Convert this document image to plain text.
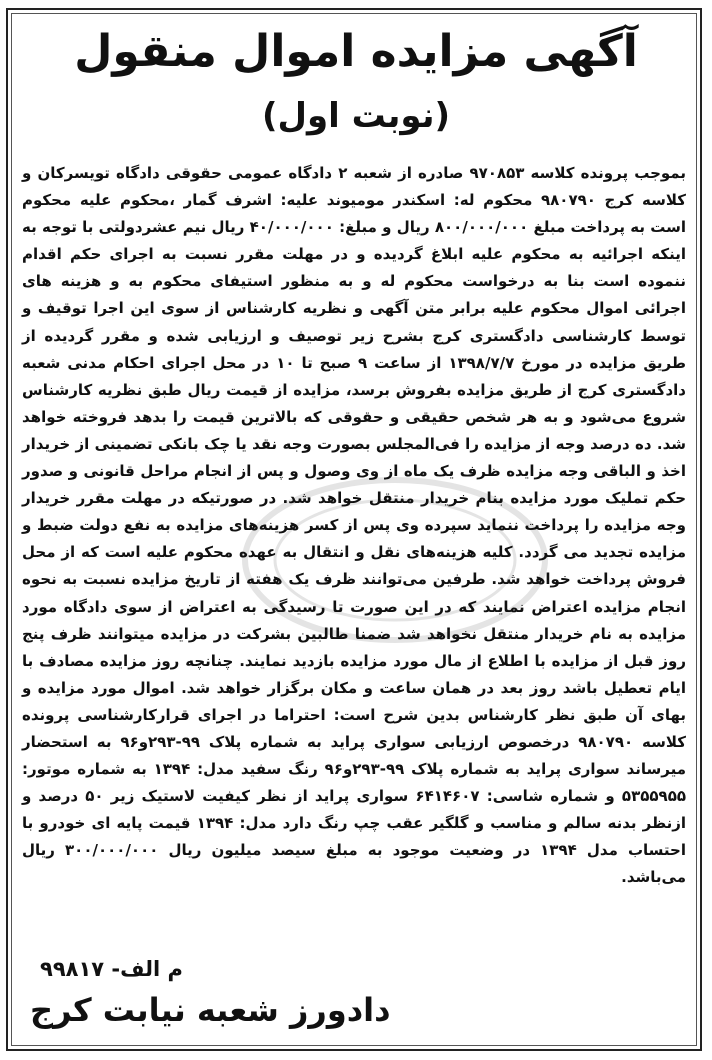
آگهی مزایده اموال منقول
(نوبت اول)
بموجب پرونده کلاسه ۹۷۰۸۵۳ صادره از شعبه ۲ دادگاه عمومی حقوقی دادگاه تویسرکان و کلاسه کرج ۹۸۰۷۹۰ محکوم له: اسکندر مومیوند علیه: اشرف گمار ،محکوم علیه محکوم است به پرداخت مبلغ ۸۰۰/۰۰۰/۰۰۰ ریال و مبلغ: ۴۰/۰۰۰/۰۰۰ ریال نیم عشردولتی با توجه به اینکه اجرائیه به محکوم علیه ابلاغ گردیده و در مهلت مقرر نسبت به اجرای حکم اقدام ننموده است بنا به درخواست محکوم له و به منظور استیفای محکوم به و هزینه های اجرائی اموال محکوم علیه برابر متن آگهی و نظریه کارشناس از سوی این اجرا توقیف و توسط کارشناسی دادگستری کرج بشرح زیر توصیف و ارزیابی شده و مقرر گردیده از طریق مزایده در مورخ ۱۳۹۸/۷/۷ از ساعت ۹ صبح تا ۱۰ در محل اجرای احکام مدنی شعبه دادگستری کرج از طریق مزایده بفروش برسد، مزایده از قیمت ریال طبق نظریه کارشناس شروع می‌شود و به هر شخص حقیقی و حقوقی که بالاترین قیمت را بدهد فروخته خواهد شد. ده درصد وجه از مزایده را فی‌المجلس بصورت وجه نقد یا چک بانکی تضمینی از خریدار اخذ و الباقی وجه مزایده ظرف یک ماه از وی وصول و پس از انجام مراحل قانونی و صدور حکم تملیک مورد مزایده بنام خریدار منتقل خواهد شد. در صورتیکه در مهلت مقرر خریدار وجه مزایده را پرداخت ننماید سپرده وی پس از کسر هزینه‌های مزایده به نفع دولت ضبط و مزایده تجدید می گردد. کلیه هزینه‌های نقل و انتقال به عهده محکوم علیه است که از محل فروش پرداخت خواهد شد. طرفین می‌توانند ظرف یک هفته از تاریخ مزایده نسبت به نحوه انجام مزایده اعتراض نمایند که در این صورت تا رسیدگی به اعتراض از سوی دادگاه مورد مزایده به نام خریدار منتقل نخواهد شد ضمنا طالبین بشرکت در مزایده میتوانند ظرف پنج روز قبل از مزایده با اطلاع از مال مورد مزایده بازدید نمایند. چنانچه روز مزایده مصادف با ایام تعطیل باشد روز بعد در همان ساعت و مکان برگزار خواهد شد. اموال مورد مزایده و بهای آن طبق نظر کارشناس بدین شرح است: احتراما در اجرای قرارکارشناسی پرونده کلاسه ۹۸۰۷۹۰ درخصوص ارزیابی سواری پراید به شماره پلاک ۹۹-۲۹۳و۹۶ به استحضار میرساند سواری پراید به شماره پلاک ۹۹-۲۹۳و۹۶ رنگ سفید مدل: ۱۳۹۴ به شماره موتور: ۵۳۵۵۹۵۵ و شماره شاسی: ۶۴۱۴۶۰۷ سواری پراید از نظر کیفیت لاستیک زیر ۵۰ درصد و ازنظر بدنه سالم و مناسب و گلگیر عقب چپ رنگ دارد مدل: ۱۳۹۴ قیمت پایه ای خودرو با احتساب مدل ۱۳۹۴ در وضعیت موجود به مبلغ سیصد میلیون ریال ۳۰۰/۰۰۰/۰۰۰ ریال می‌باشد.
م الف- ۹۹۸۱۷
دادورز شعبه نیابت کرج
